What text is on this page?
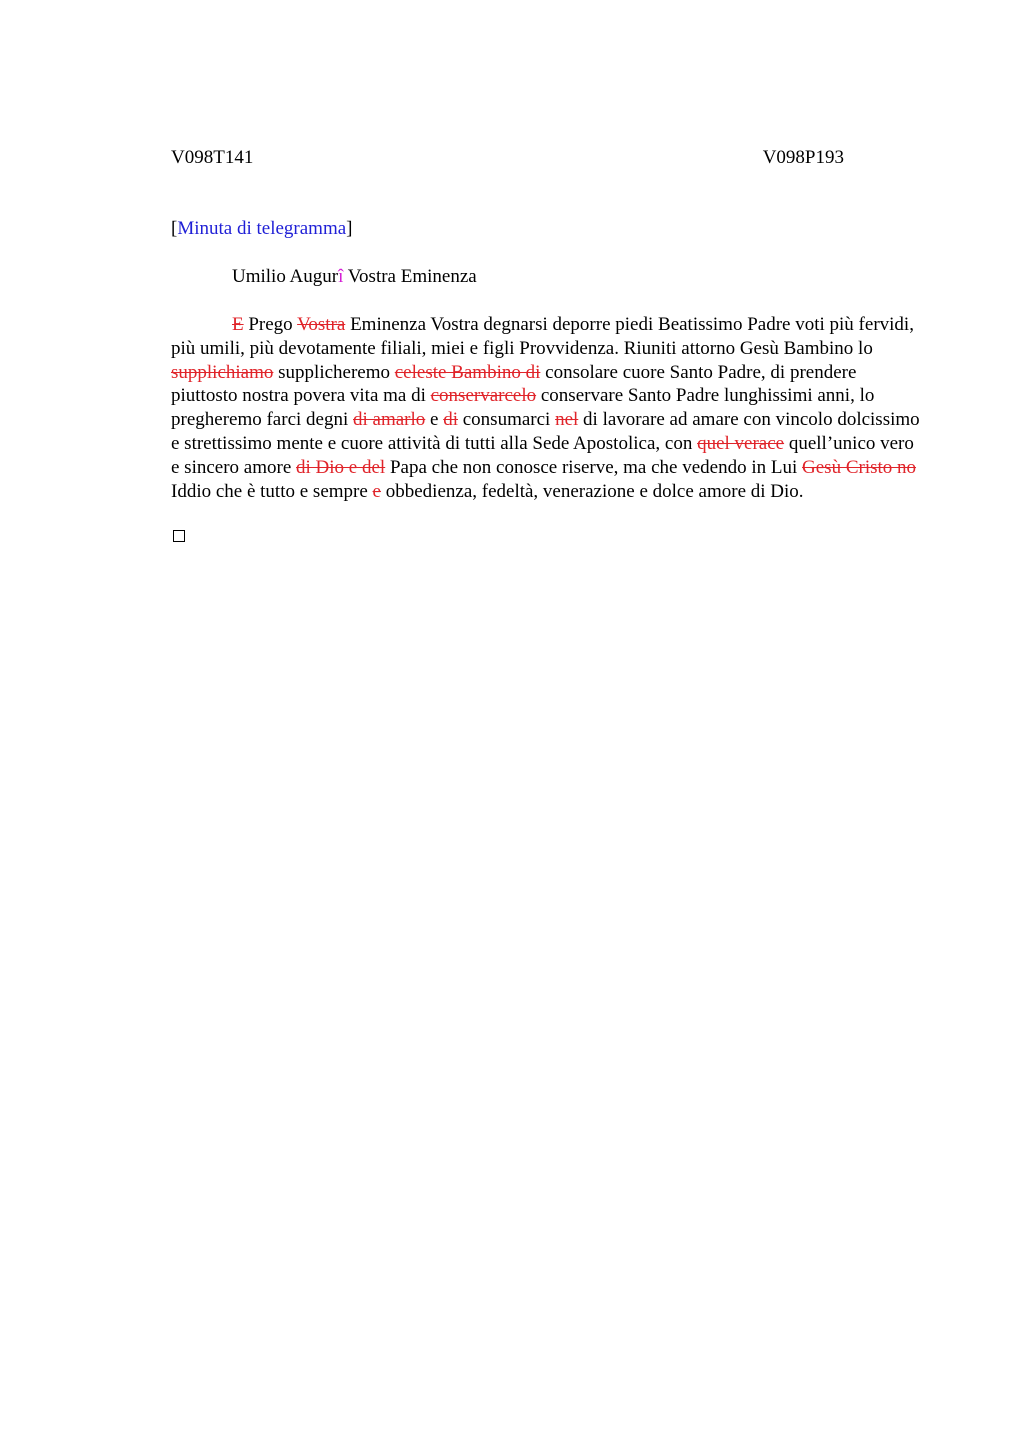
V098T141	V098P193
[Minuta di telegramma]
Umilio Augurî Vostra Eminenza

E Prego Vostra Eminenza Vostra degnarsi deporre piedi Beatissimo Padre voti più fervidi, più umili, più devotamente filiali, miei e figli Provvidenza. Riuniti attorno Gesù Bambino lo supplichiamo supplicheremo celeste Bambino di consolare cuore Santo Padre, di prendere piuttosto nostra povera vita ma di conservarcelo conservare Santo Padre lunghissimi anni, lo pregheremo farci degni di amarlo e di consumarci nel di lavorare ad amare con vincolo dolcissimo e strettissimo mente e cuore attività di tutti alla Sede Apostolica, con quel verace quell’unico vero e sincero amore di Dio e del Papa che non conosce riserve, ma che vedendo in Lui Gesù Cristo no Iddio che è tutto e sempre e obbedienza, fedeltà, venerazione e dolce amore di Dio.
